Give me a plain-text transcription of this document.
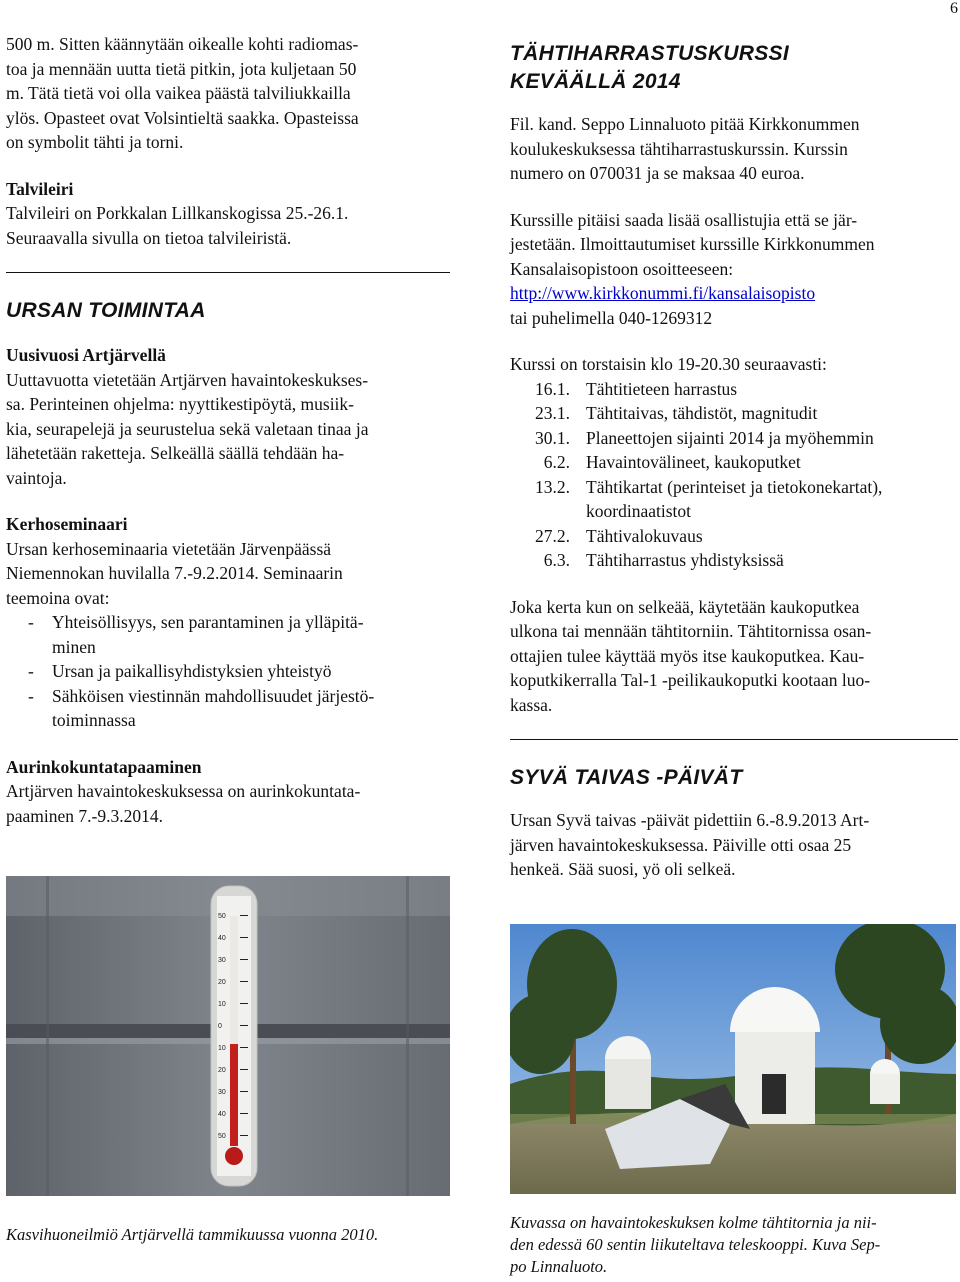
6
500 m. Sitten käännytään oikealle kohti radiomas-
toa ja mennään uutta tietä pitkin, jota kuljetaan 50
m. Tätä tietä voi olla vaikea päästä talviliukkailla
ylös. Opasteet ovat Volsintieltä saakka. Opasteissa
on symbolit tähti ja torni.
Talvileiri
Talvileiri on Porkkalan Lillkanskogissa 25.-26.1.
Seuraavalla sivulla on tietoa talvileiristä.
URSAN TOIMINTAA
Uusivuosi Artjärvellä
Uuttavuotta vietetään Artjärven havaintokeskukses-
sa. Perinteinen ohjelma: nyyttikestipöytä, musiik-
kia, seurapelejä ja seurustelua sekä valetaan tinaa ja
lähetetään raketteja. Selkeällä säällä tehdään ha-
vaintoja.
Kerhoseminaari
Ursan kerhoseminaaria vietetään Järvenpäässä
Niemennokan huvilalla 7.-9.2.2014. Seminaarin
teemoina ovat:
- Yhteisöllisyys, sen parantaminen ja ylläpitä-
minen
- Ursan ja paikallisyhdistyksien yhteistyö
- Sähköisen viestinnän mahdollisuudet järjestö-
toiminnassa
Aurinkokuntatapaaminen
Artjärven havaintokeskuksessa on aurinkokuntata-
paaminen 7.-9.3.2014.
50
40
30
20
10
0
10
20
30
40
50
Kasvihuoneilmiö Artjärvellä tammikuussa vuonna 2010.
TÄHTIHARRASTUSKURSSI
KEVÄÄLLÄ 2014
Fil. kand. Seppo Linnaluoto pitää Kirkkonummen
koulukeskuksessa tähtiharrastuskurssin. Kurssin
numero on 070031 ja se maksaa 40 euroa.
Kurssille pitäisi saada lisää osallistujia että se jär-
jestetään. Ilmoittautumiset kurssille Kirkkonummen
Kansalaisopistoon osoitteeseen:
http://www.kirkkonummi.fi/kansalaisopisto
tai puhelimella 040-1269312
Kurssi on torstaisin klo 19-20.30 seuraavasti:
16.1.		Tähtitieteen harrastus
23.1.		Tähtitaivas, tähdistöt, magnitudit
30.1.		Planeettojen sijainti 2014 ja myöhemmin
6.2.		Havaintovälineet, kaukoputket
13.2.		Tähtikartat (perinteiset ja tietokonekartat),
koordinaatistot
27.2.		Tähtivalokuvaus
6.3.		Tähtiharrastus yhdistyksissä
Joka kerta kun on selkeää, käytetään kaukoputkea
ulkona tai mennään tähtitorniin. Tähtitornissa osan-
ottajien tulee käyttää myös itse kaukoputkea. Kau-
koputkikerralla Tal-1 -peilikaukoputki kootaan luo-
kassa.
SYVÄ TAIVAS -PÄIVÄT
Ursan Syvä taivas -päivät pidettiin 6.-8.9.2013 Art-
järven havaintokeskuksessa. Päiville otti osaa 25
henkeä. Sää suosi, yö oli selkeä.
Kuvassa on havaintokeskuksen kolme tähtitornia ja nii-
den edessä 60 sentin liikuteltava teleskooppi. Kuva Sep-
po Linnaluoto.
